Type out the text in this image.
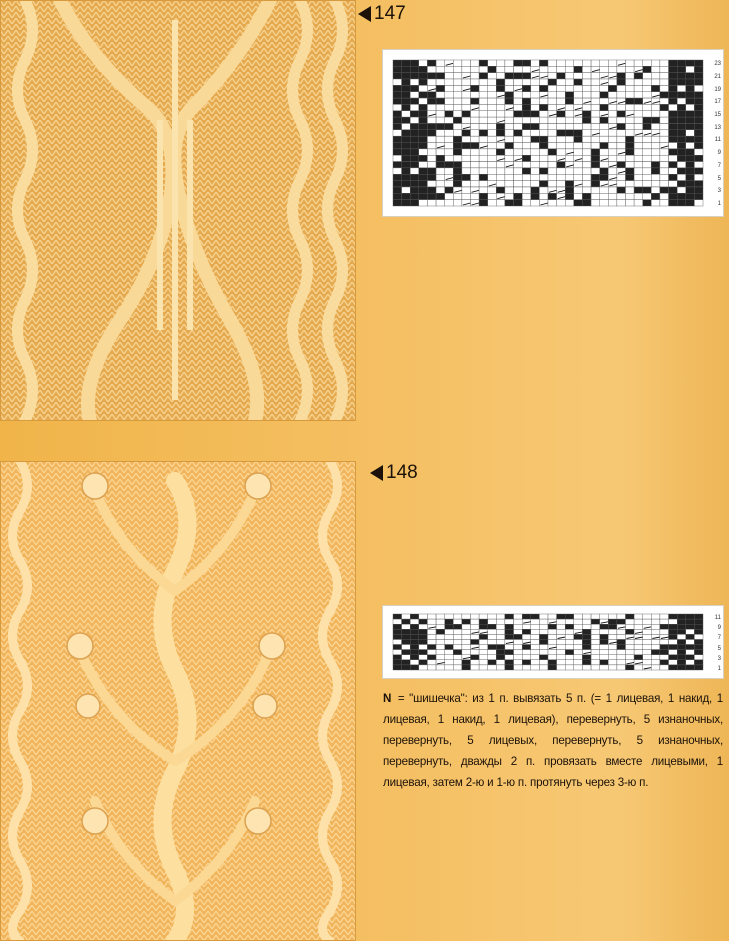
147
148
23
21
19
17
15
13
11
9
7
5
3
1
11
9
7
5
3
1

N = "шишечка": из 1 п. вывязать 5 п. (= 1 лицевая, 1 накид, 1 лицевая, 1 накид, 1 лицевая), перевернуть, 5 изнаночных, перевернуть, 5 лицевых, перевернуть, 5 изнаночных, перевернуть, дважды 2 п. провязать вместе лицевыми, 1 лицевая, затем 2-ю и 1-ю п. протянуть через 3-ю п.
